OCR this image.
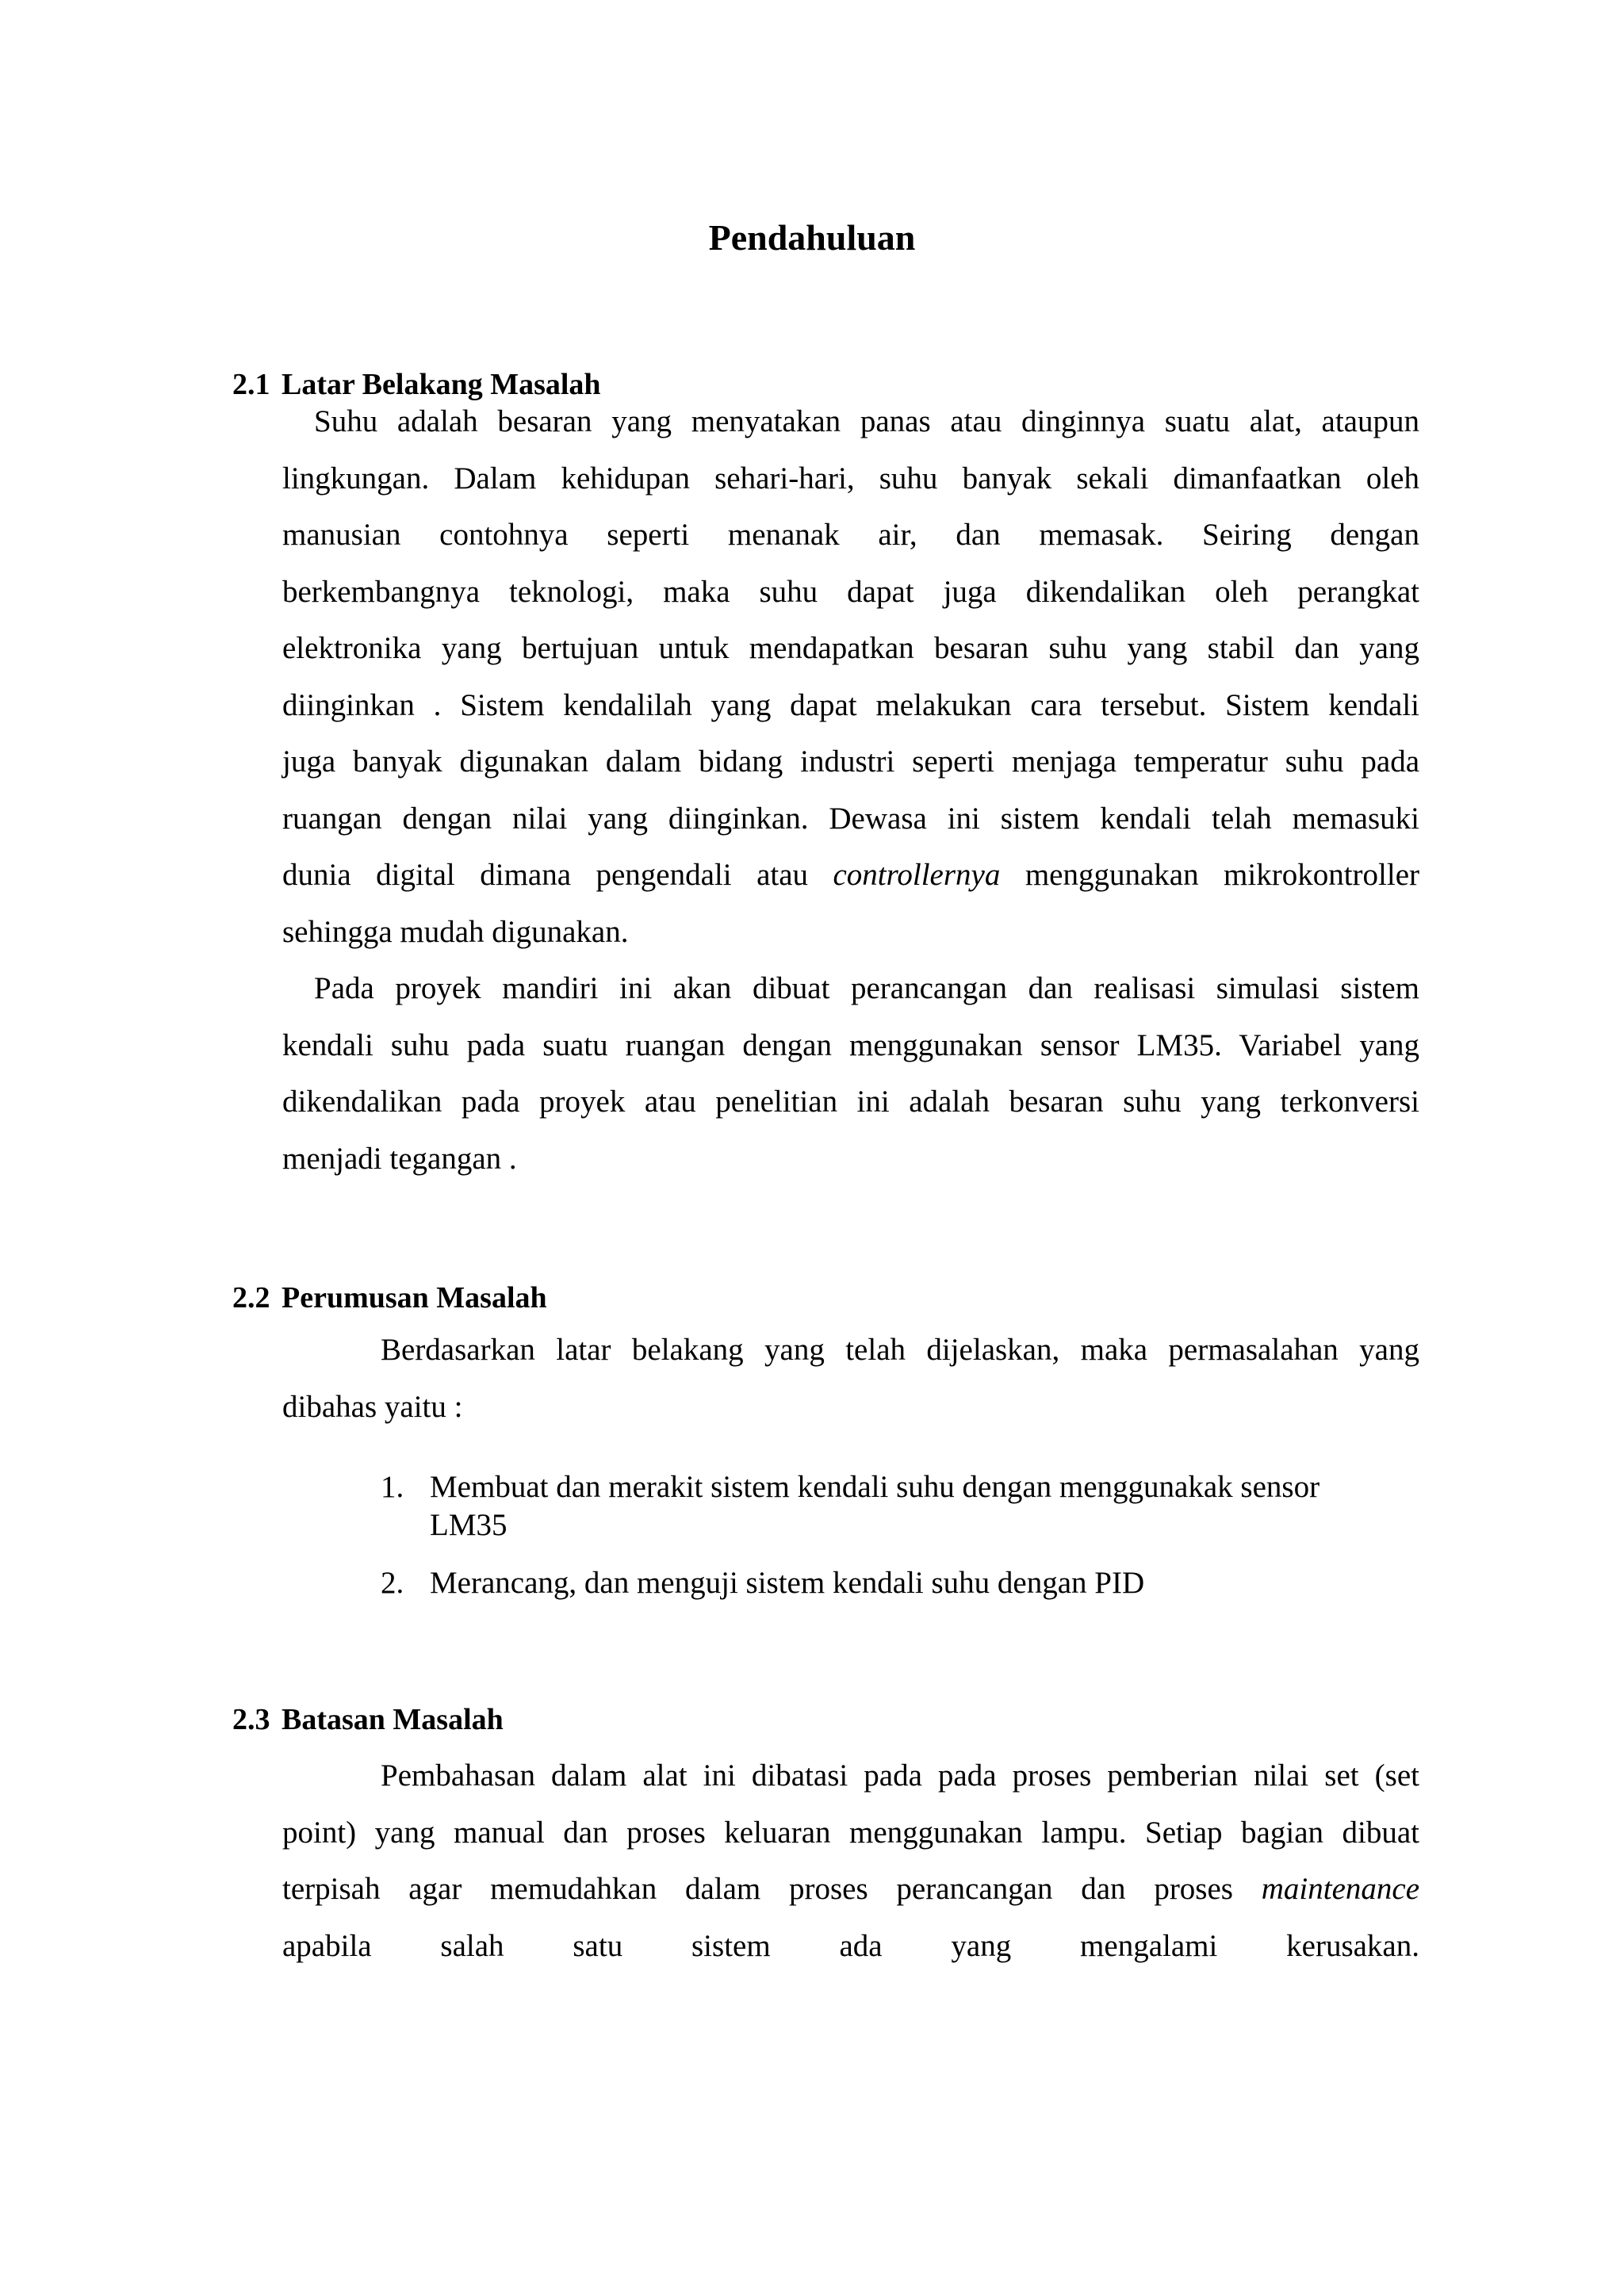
Pendahuluan
2.1 Latar Belakang Masalah
Suhu adalah besaran yang menyatakan panas atau dinginnya suatu alat, ataupun
lingkungan. Dalam kehidupan sehari-hari, suhu banyak sekali dimanfaatkan oleh
manusian contohnya seperti menanak air, dan memasak. Seiring dengan
berkembangnya teknologi, maka suhu dapat juga dikendalikan oleh perangkat
elektronika yang bertujuan untuk mendapatkan besaran suhu yang stabil dan yang
diinginkan . Sistem kendalilah yang dapat melakukan cara tersebut. Sistem kendali
juga banyak digunakan dalam bidang industri seperti menjaga temperatur suhu pada
ruangan dengan nilai yang diinginkan. Dewasa ini sistem kendali telah memasuki
dunia digital dimana pengendali atau controllernya menggunakan mikrokontroller
sehingga mudah digunakan.
Pada proyek mandiri ini akan dibuat perancangan dan realisasi simulasi sistem
kendali suhu pada suatu ruangan dengan menggunakan sensor LM35. Variabel yang
dikendalikan pada proyek atau penelitian ini adalah besaran suhu yang terkonversi
menjadi tegangan .
2.2 Perumusan Masalah
Berdasarkan latar belakang yang telah dijelaskan, maka permasalahan yang
dibahas yaitu :
1. Membuat dan merakit sistem kendali suhu dengan menggunakak sensor
LM35
2. Merancang, dan menguji sistem kendali suhu dengan PID
2.3 Batasan Masalah
Pembahasan dalam alat ini dibatasi pada pada proses pemberian nilai set (set
point) yang manual dan proses keluaran menggunakan lampu. Setiap bagian dibuat
terpisah agar memudahkan dalam proses perancangan dan proses maintenance
apabila salah satu sistem ada yang mengalami kerusakan.
